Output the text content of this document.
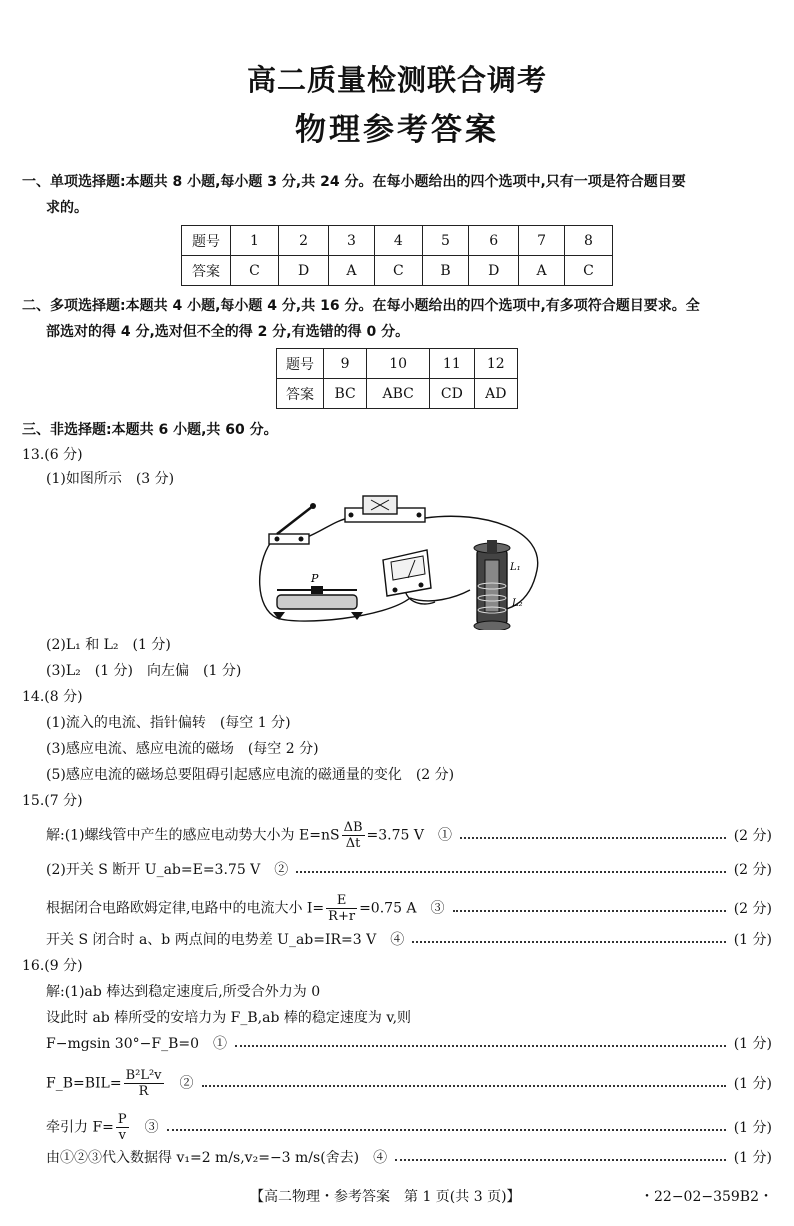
高二质量检测联合调考
物理参考答案
一、单项选择题:本题共 8 小题,每小题 3 分,共 24 分。在每小题给出的四个选项中,只有一项是符合题目要
求的。
题号	1	2	3	4	5	6	7	8
答案	C	D	A	C	B	D	A	C
二、多项选择题:本题共 4 小题,每小题 4 分,共 16 分。在每小题给出的四个选项中,有多项符合题目要求。全
部选对的得 4 分,选对但不全的得 2 分,有选错的得 0 分。
题号	9	10	11	12
答案	BC	ABC	CD	AD
三、非选择题:本题共 6 小题,共 60 分。
13.(6 分)
(1)如图所示　(3 分)
P
L₁
L₂
(2)L₁ 和 L₂　(1 分)
(3)L₂　(1 分)　向左偏　(1 分)
14.(8 分)
(1)流入的电流、指针偏转　(每空 1 分)
(3)感应电流、感应电流的磁场　(每空 2 分)
(5)感应电流的磁场总要阻碍引起感应电流的磁通量的变化　(2 分)
15.(7 分)
解:(1)螺线管中产生的感应电动势大小为 $E=nS \frac{\Delta B}{\Delta t} =3.75$ V　①	(2 分)
(2)开关 S 断开 U_ab=E=3.75 V　②	(2 分)
根据闭合电路欧姆定律,电路中的电流大小 $I= \frac{E}{R+r} =0.75$ A　③	(2 分)
开关 S 闭合时 a、b 两点间的电势差 U_ab=IR=3 V　④	(1 分)
16.(9 分)
解:(1)ab 棒达到稳定速度后,所受合外力为 0
设此时 ab 棒所受的安培力为 F_B,ab 棒的稳定速度为 v,则
F−mgsin 30°−F_B=0　①	(1 分)
F_B=BIL= $\frac{\text{B²L²v}}{R}$ 　②	(1 分)
牵引力 $F= \frac{P}{v}$ 　③	(1 分)
由①②③代入数据得 v₁=2 m/s,v₂=−3 m/s(舍去)　④	(1 分)
【高二物理・参考答案　第 1 页(共 3 页)】	・22−02−359B2・
